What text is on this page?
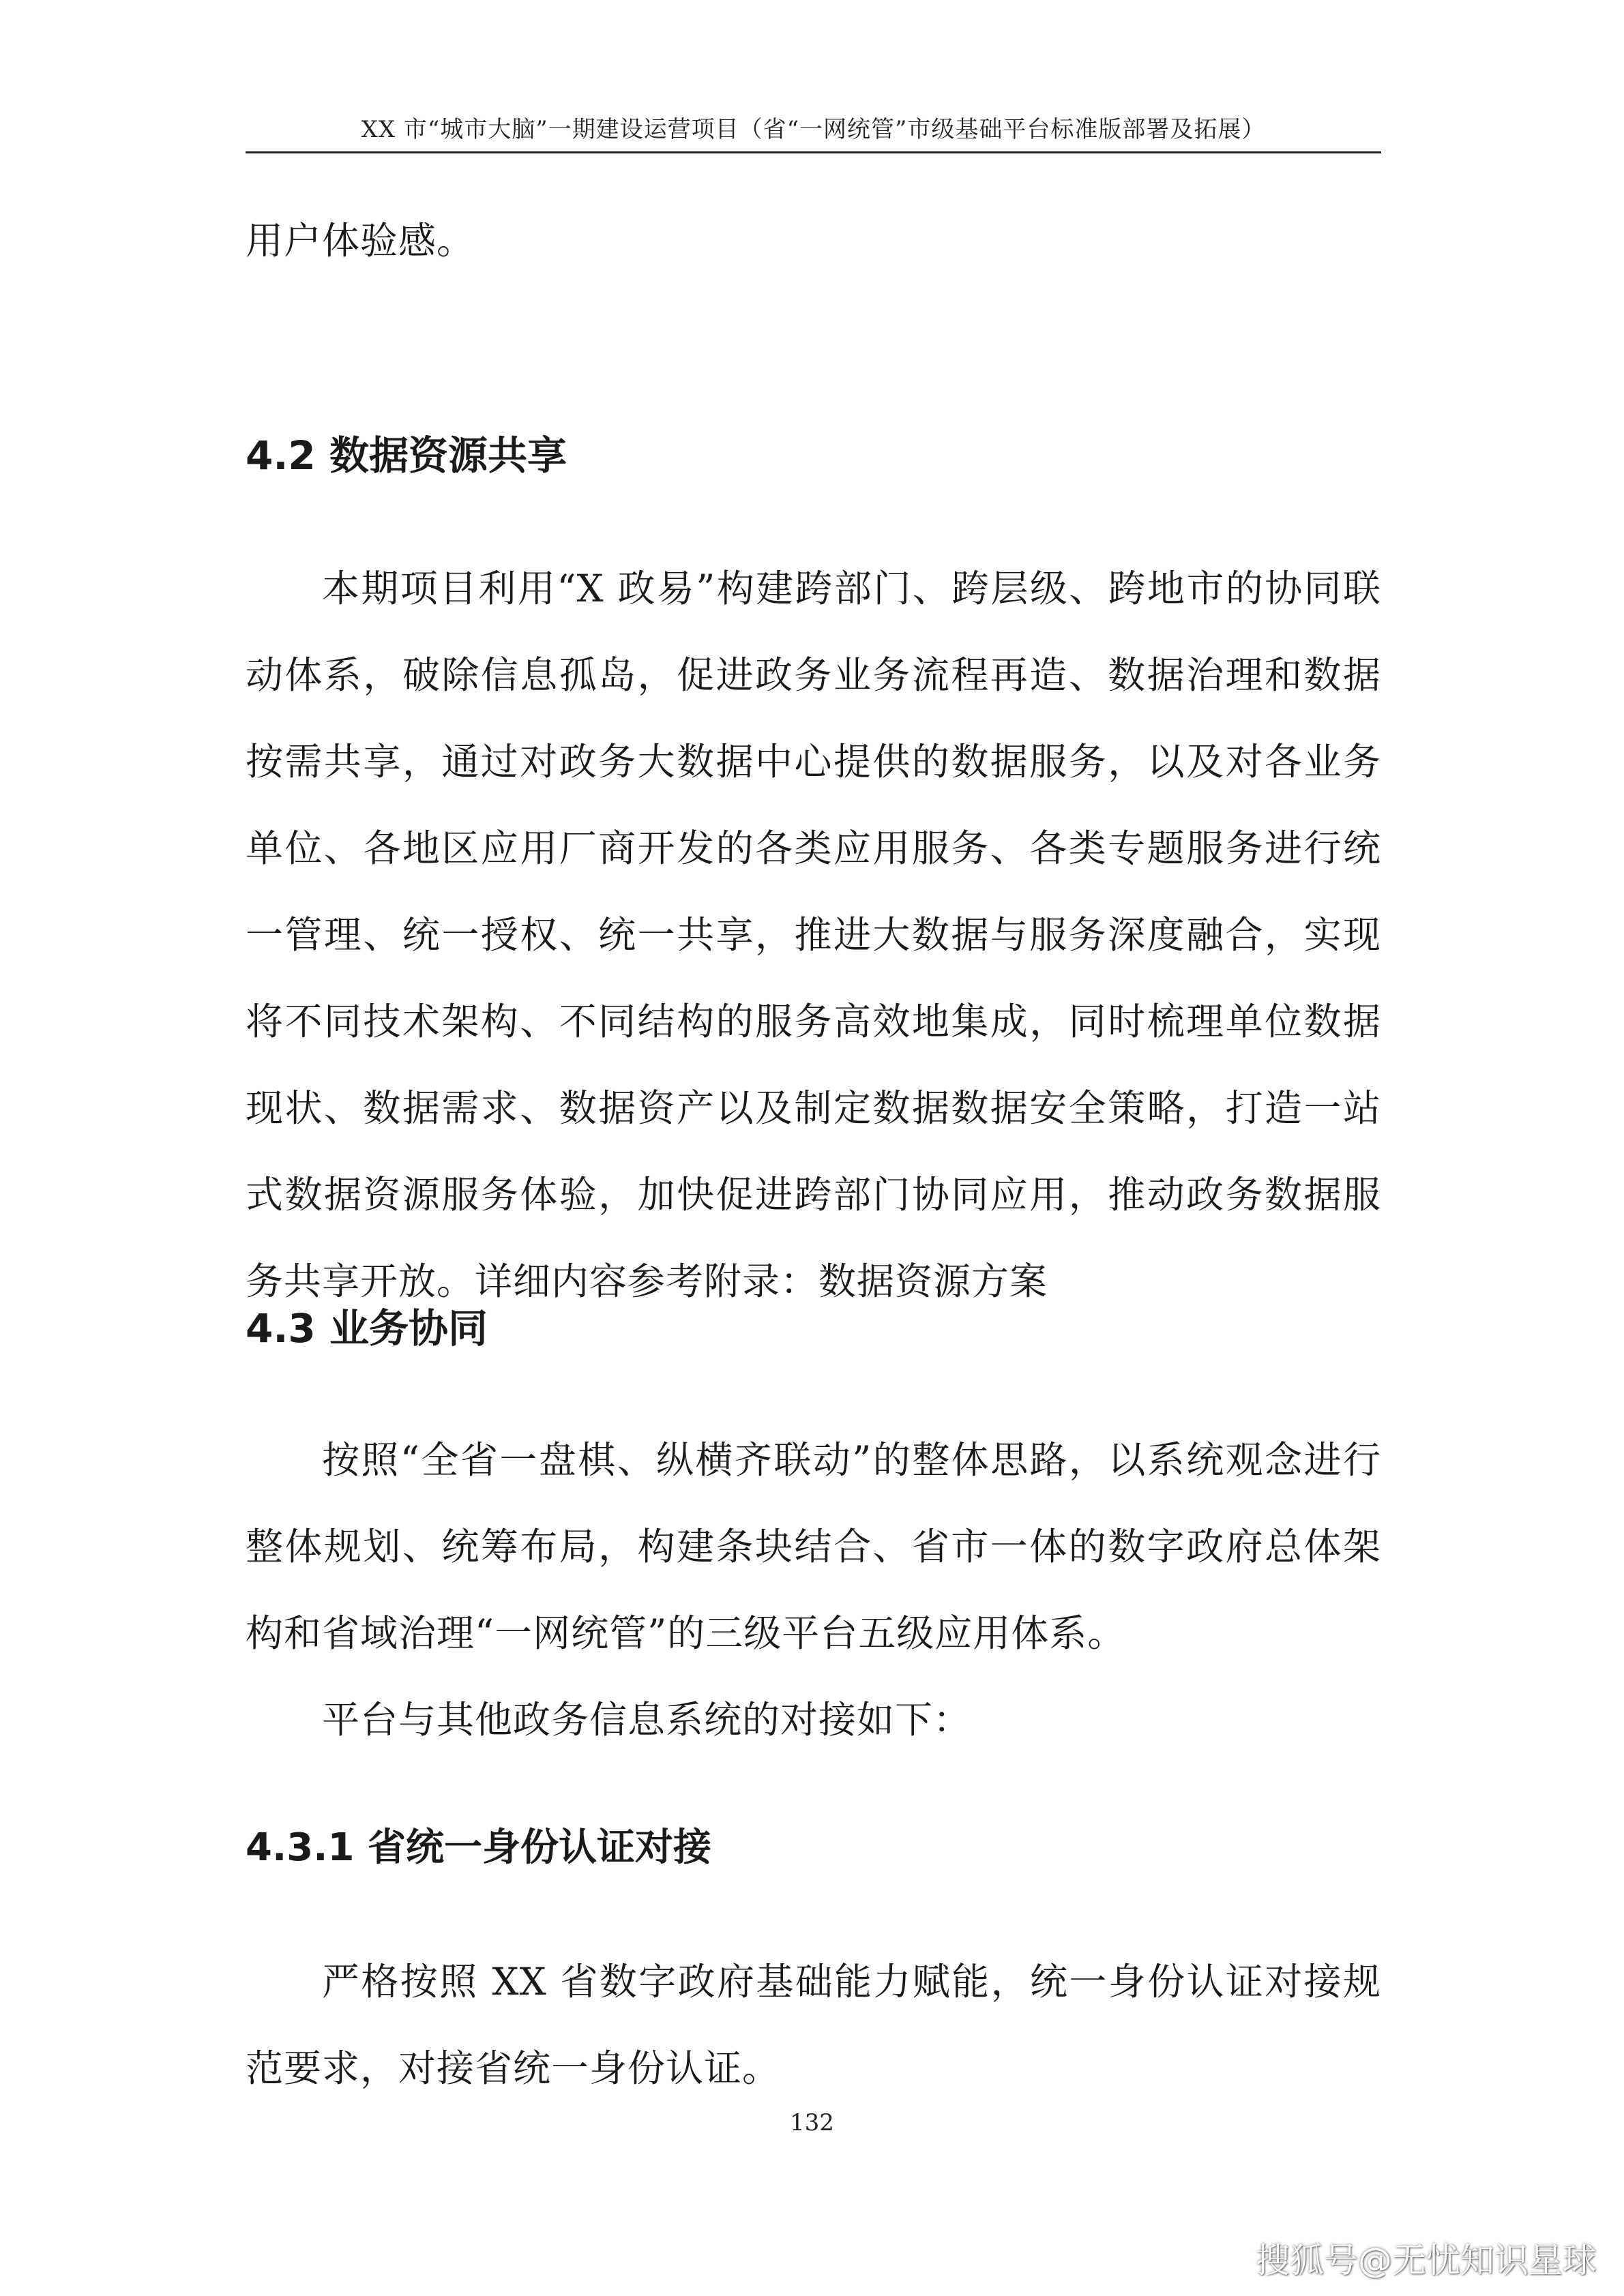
XX 市“城市大脑”一期建设运营项目（省“一网统管”市级基础平台标准版部署及拓展）

用户体验感。

4.2 数据资源共享

本期项目利用“X 政易”构建跨部门、跨层级、跨地市的协同联动体系，破除信息孤岛，促进政务业务流程再造、数据治理和数据按需共享，通过对政务大数据中心提供的数据服务，以及对各业务单位、各地区应用厂商开发的各类应用服务、各类专题服务进行统一管理、统一授权、统一共享，推进大数据与服务深度融合，实现将不同技术架构、不同结构的服务高效地集成，同时梳理单位数据现状、数据需求、数据资产以及制定数据数据安全策略，打造一站式数据资源服务体验，加快促进跨部门协同应用，推动政务数据服务共享开放。详细内容参考附录：数据资源方案

4.3 业务协同

按照“全省一盘棋、纵横齐联动”的整体思路，以系统观念进行整体规划、统筹布局，构建条块结合、省市一体的数字政府总体架构和省域治理“一网统管”的三级平台五级应用体系。

平台与其他政务信息系统的对接如下：

4.3.1 省统一身份认证对接

严格按照 XX 省数字政府基础能力赋能，统一身份认证对接规范要求，对接省统一身份认证。

132
搜狐号@无忧知识星球
